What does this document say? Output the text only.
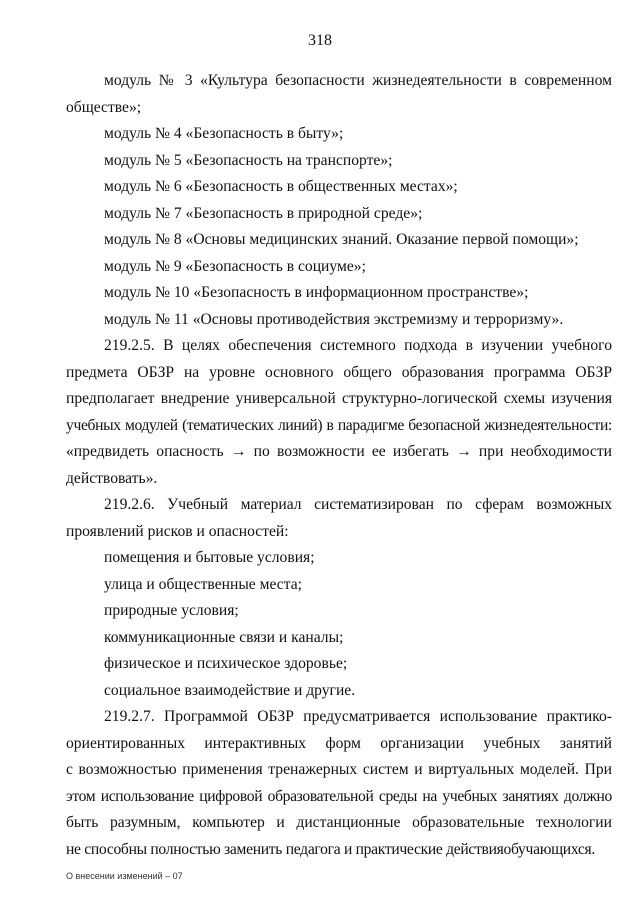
318
модуль № 3 «Культура безопасности жизнедеятельности в современном
обществе»;
модуль № 4 «Безопасность в быту»;
модуль № 5 «Безопасность на транспорте»;
модуль № 6 «Безопасность в общественных местах»;
модуль № 7 «Безопасность в природной среде»;
модуль № 8 «Основы медицинских знаний. Оказание первой помощи»;
модуль № 9 «Безопасность в социуме»;
модуль № 10 «Безопасность в информационном пространстве»;
модуль № 11 «Основы противодействия экстремизму и терроризму».
219.2.5. В целях обеспечения системного подхода в изучении учебного
предмета ОБЗР на уровне основного общего образования программа ОБЗР
предполагает внедрение универсальной структурно-логической схемы изучения
учебных модулей (тематических линий) в парадигме безопасной жизнедеятельности:
«предвидеть опасность → по возможности ее избегать → при необходимости
действовать».
219.2.6. Учебный материал систематизирован по сферам возможных
проявлений рисков и опасностей:
помещения и бытовые условия;
улица и общественные места;
природные условия;
коммуникационные связи и каналы;
физическое и психическое здоровье;
социальное взаимодействие и другие.
219.2.7. Программой ОБЗР предусматривается использование практико-
ориентированных интерактивных форм организации учебных занятий
с возможностью применения тренажерных систем и виртуальных моделей. При
этом использование цифровой образовательной среды на учебных занятиях должно
быть разумным, компьютер и дистанционные образовательные технологии
не способны полностью заменить педагога и практические действияобучающихся.
О внесении изменений – 07
